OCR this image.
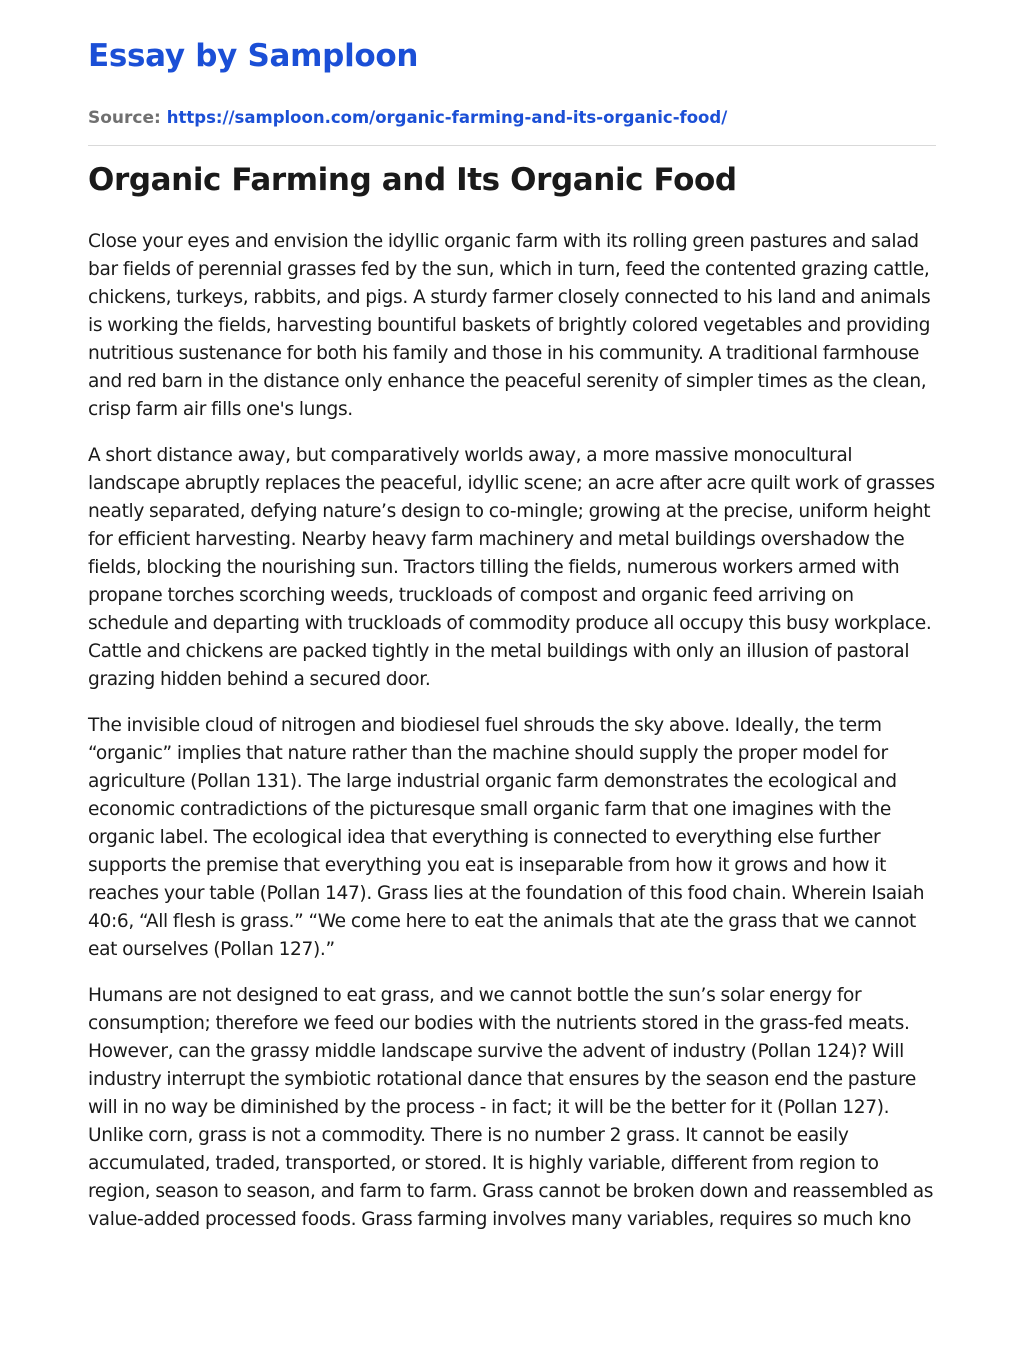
Essay by Samploon
Source: https://samploon.com/organic-farming-and-its-organic-food/
Organic Farming and Its Organic Food

Close your eyes and envision the idyllic organic farm with its rolling green pastures and salad bar fields of perennial grasses fed by the sun, which in turn, feed the contented grazing cattle, chickens, turkeys, rabbits, and pigs. A sturdy farmer closely connected to his land and animals is working the fields, harvesting bountiful baskets of brightly colored vegetables and providing nutritious sustenance for both his family and those in his community. A traditional farmhouse and red barn in the distance only enhance the peaceful serenity of simpler times as the clean, crisp farm air fills one's lungs.

A short distance away, but comparatively worlds away, a more massive monocultural landscape abruptly replaces the peaceful, idyllic scene; an acre after acre quilt work of grasses neatly separated, defying nature’s design to co-mingle; growing at the precise, uniform height for efficient harvesting. Nearby heavy farm machinery and metal buildings overshadow the fields, blocking the nourishing sun. Tractors tilling the fields, numerous workers armed with propane torches scorching weeds, truckloads of compost and organic feed arriving on schedule and departing with truckloads of commodity produce all occupy this busy workplace. Cattle and chickens are packed tightly in the metal buildings with only an illusion of pastoral grazing hidden behind a secured door.

The invisible cloud of nitrogen and biodiesel fuel shrouds the sky above. Ideally, the term “organic” implies that nature rather than the machine should supply the proper model for agriculture (Pollan 131). The large industrial organic farm demonstrates the ecological and economic contradictions of the picturesque small organic farm that one imagines with the organic label. The ecological idea that everything is connected to everything else further supports the premise that everything you eat is inseparable from how it grows and how it reaches your table (Pollan 147). Grass lies at the foundation of this food chain. Wherein Isaiah 40:6, “All flesh is grass.” “We come here to eat the animals that ate the grass that we cannot eat ourselves (Pollan 127).”

Humans are not designed to eat grass, and we cannot bottle the sun’s solar energy for consumption; therefore we feed our bodies with the nutrients stored in the grass-fed meats. However, can the grassy middle landscape survive the advent of industry (Pollan 124)? Will industry interrupt the symbiotic rotational dance that ensures by the season end the pasture will in no way be diminished by the process - in fact; it will be the better for it (Pollan 127). Unlike corn, grass is not a commodity. There is no number 2 grass. It cannot be easily accumulated, traded, transported, or stored. It is highly variable, different from region to region, season to season, and farm to farm. Grass cannot be broken down and reassembled as value-added processed foods. Grass farming involves many variables, requires so much kno
